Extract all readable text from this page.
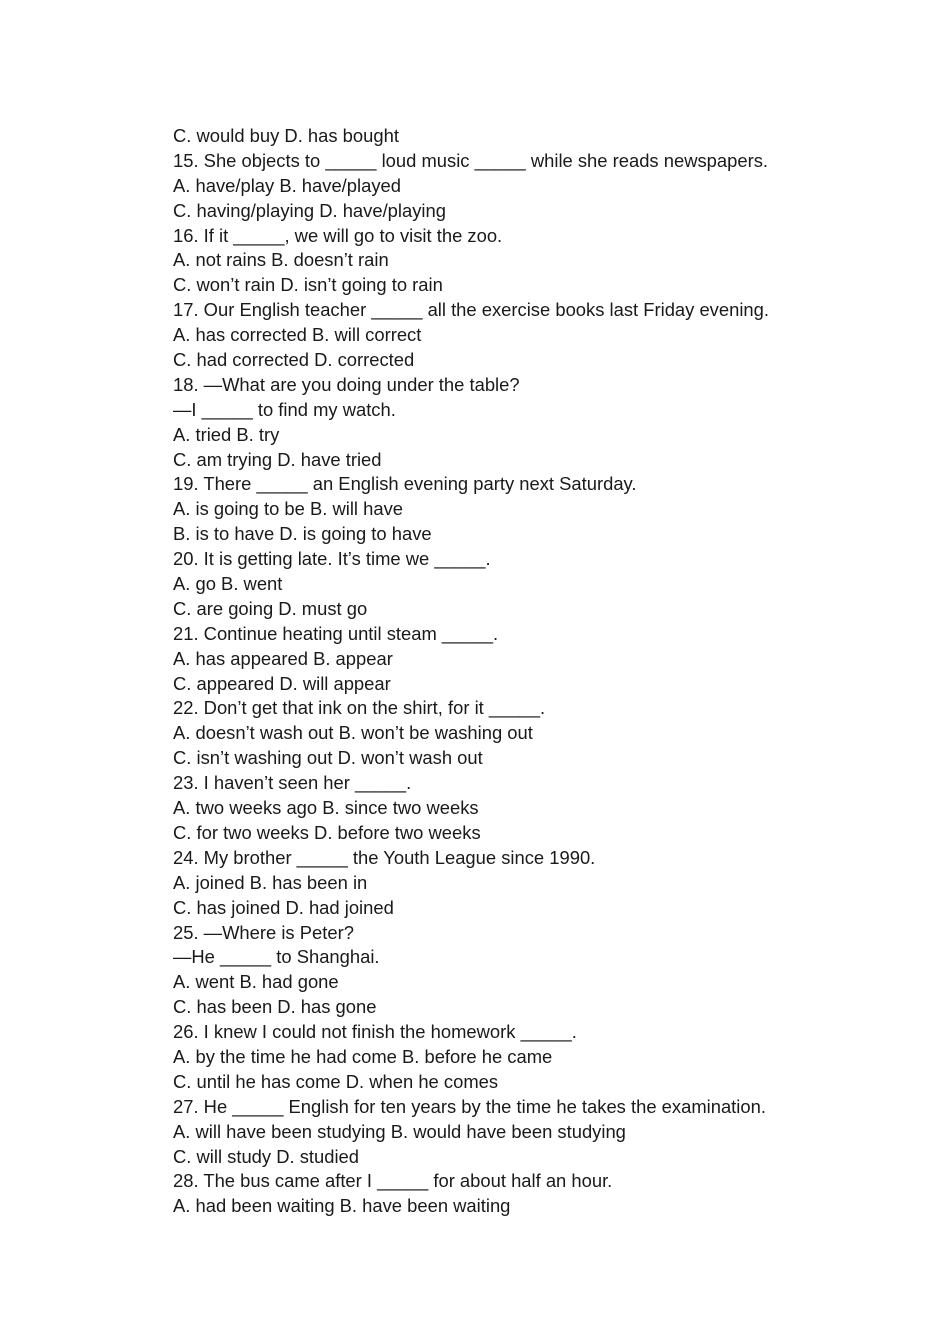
C. would buy D. has bought
15. She objects to _____ loud music _____ while she reads newspapers.
A. have/play B. have/played
C. having/playing D. have/playing
16. If it _____, we will go to visit the zoo.
A. not rains B. doesn’t rain
C. won’t rain D. isn’t going to rain
17. Our English teacher _____ all the exercise books last Friday evening.
A. has corrected B. will correct
C. had corrected D. corrected
18. —What are you doing under the table?
—I _____ to find my watch.
A. tried B. try
C. am trying D. have tried
19. There _____ an English evening party next Saturday.
A. is going to be B. will have
B. is to have D. is going to have
20. It is getting late. It’s time we _____.
A. go B. went
C. are going D. must go
21. Continue heating until steam _____.
A. has appeared B. appear
C. appeared D. will appear
22. Don’t get that ink on the shirt, for it _____.
A. doesn’t wash out B. won’t be washing out
C. isn’t washing out D. won’t wash out
23. I haven’t seen her _____.
A. two weeks ago B. since two weeks
C. for two weeks D. before two weeks
24. My brother _____ the Youth League since 1990.
A. joined B. has been in
C. has joined D. had joined
25. —Where is Peter?
—He _____ to Shanghai.
A. went B. had gone
C. has been D. has gone
26. I knew I could not finish the homework _____.
A. by the time he had come B. before he came
C. until he has come D. when he comes
27. He _____ English for ten years by the time he takes the examination.
A. will have been studying B. would have been studying
C. will study D. studied
28. The bus came after I _____ for about half an hour.
A. had been waiting B. have been waiting
